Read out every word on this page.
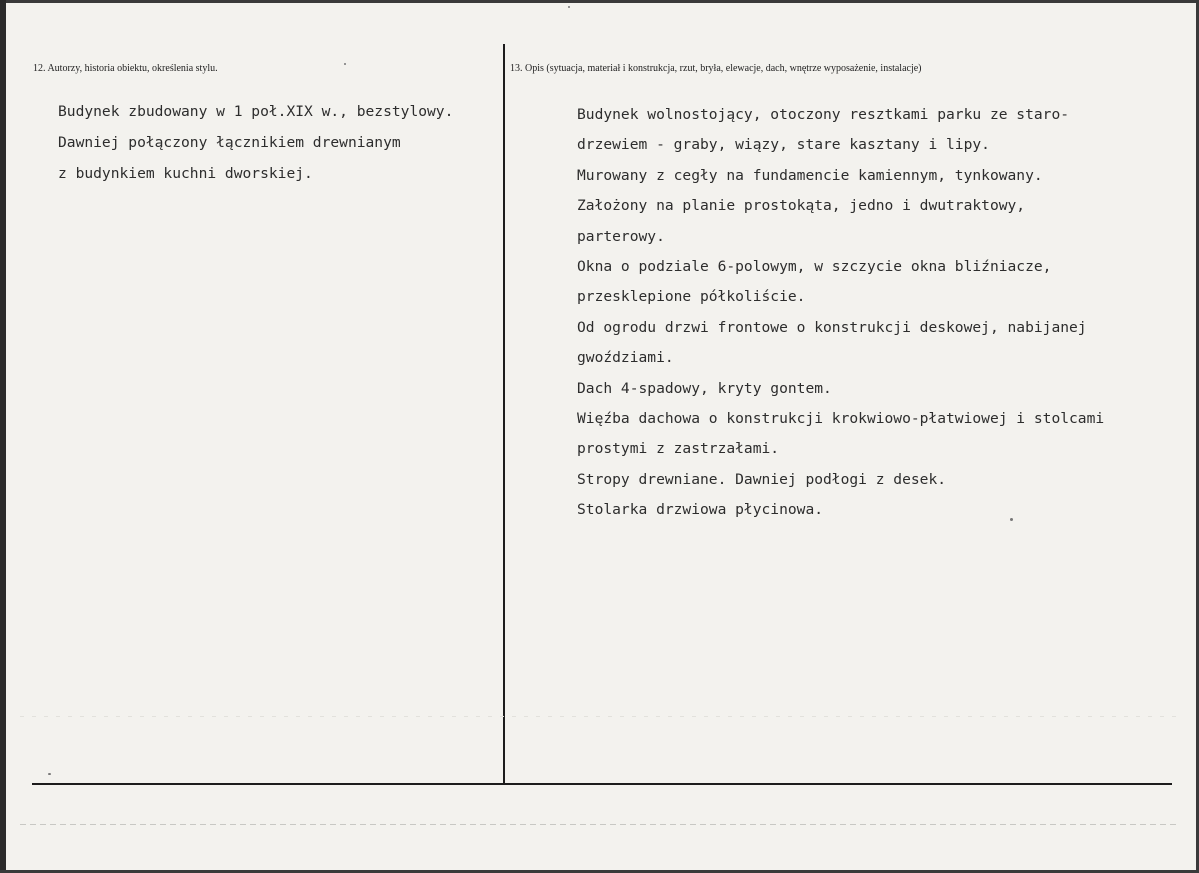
12. Autorzy, historia obiektu, określenia stylu.	13. Opis (sytuacja, materiał i konstrukcja, rzut, bryła, elewacje, dach, wnętrze wyposażenie, instalacje)
Budynek zbudowany w 1 poł.XIX w., bezstylowy.
Dawniej połączony łącznikiem drewnianym
z budynkiem kuchni dworskiej.
Budynek wolnostojący, otoczony resztkami parku ze staro-
drzewiem - graby, wiązy, stare kasztany i lipy.
Murowany z cegły na fundamencie kamiennym, tynkowany.
Założony na planie prostokąta, jedno i dwutraktowy,
parterowy.
Okna o podziale 6-polowym, w szczycie okna bliźniacze,
przesklepione półkoliście.
Od ogrodu drzwi frontowe o konstrukcji deskowej, nabijanej
gwoździami.
Dach 4-spadowy, kryty gontem.
Więźba dachowa o konstrukcji krokwiowo-płatwiowej i stolcami
prostymi z zastrzałami.
Stropy drewniane. Dawniej podłogi z desek.
Stolarka drzwiowa płycinowa.
